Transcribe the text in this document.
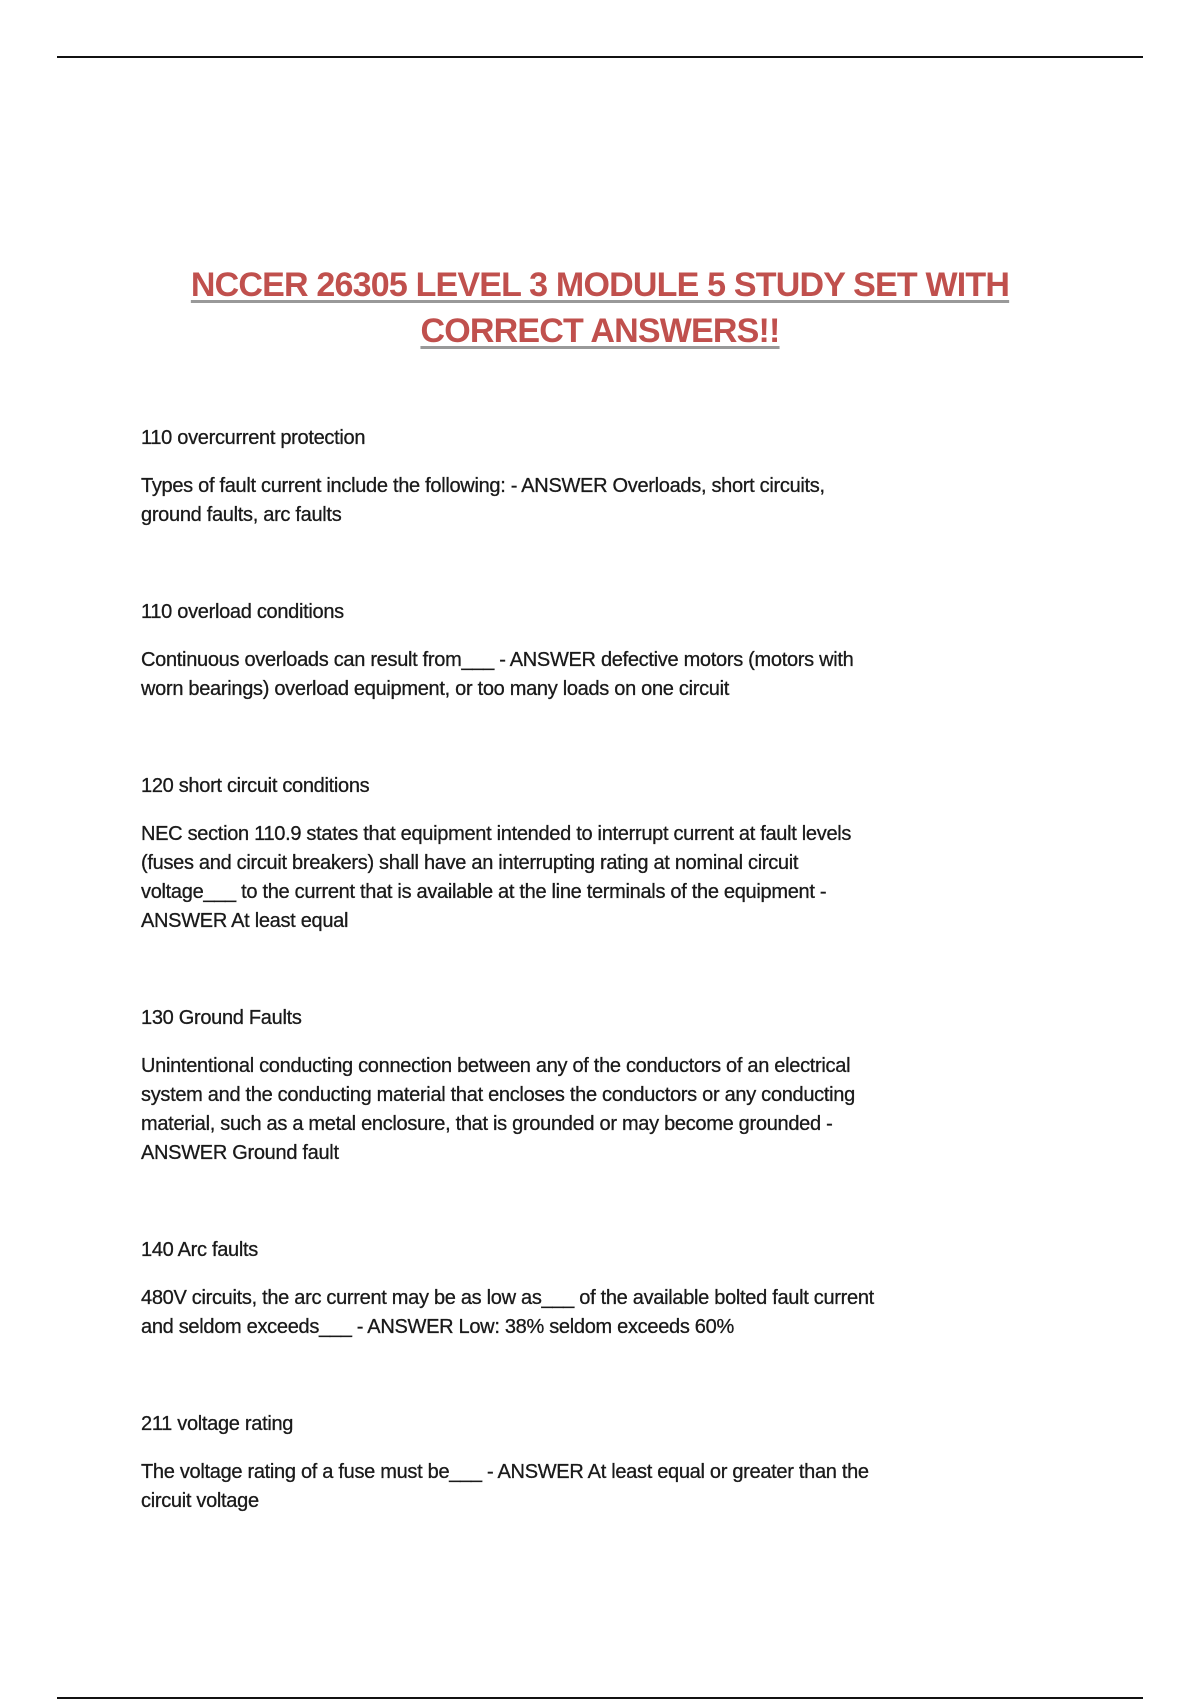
NCCER 26305 LEVEL 3 MODULE 5 STUDY SET WITH
CORRECT ANSWERS!!
110 overcurrent protection
Types of fault current include the following: - ANSWER Overloads, short circuits,
ground faults, arc faults
110 overload conditions
Continuous overloads can result from___ - ANSWER defective motors (motors with
worn bearings) overload equipment, or too many loads on one circuit
120 short circuit conditions
NEC section 110.9 states that equipment intended to interrupt current at fault levels
(fuses and circuit breakers) shall have an interrupting rating at nominal circuit
voltage___ to the current that is available at the line terminals of the equipment -
ANSWER At least equal
130 Ground Faults
Unintentional conducting connection between any of the conductors of an electrical
system and the conducting material that encloses the conductors or any conducting
material, such as a metal enclosure, that is grounded or may become grounded -
ANSWER Ground fault
140 Arc faults
480V circuits, the arc current may be as low as___ of the available bolted fault current
and seldom exceeds___ - ANSWER Low: 38% seldom exceeds 60%
211 voltage rating
The voltage rating of a fuse must be___ - ANSWER At least equal or greater than the
circuit voltage
